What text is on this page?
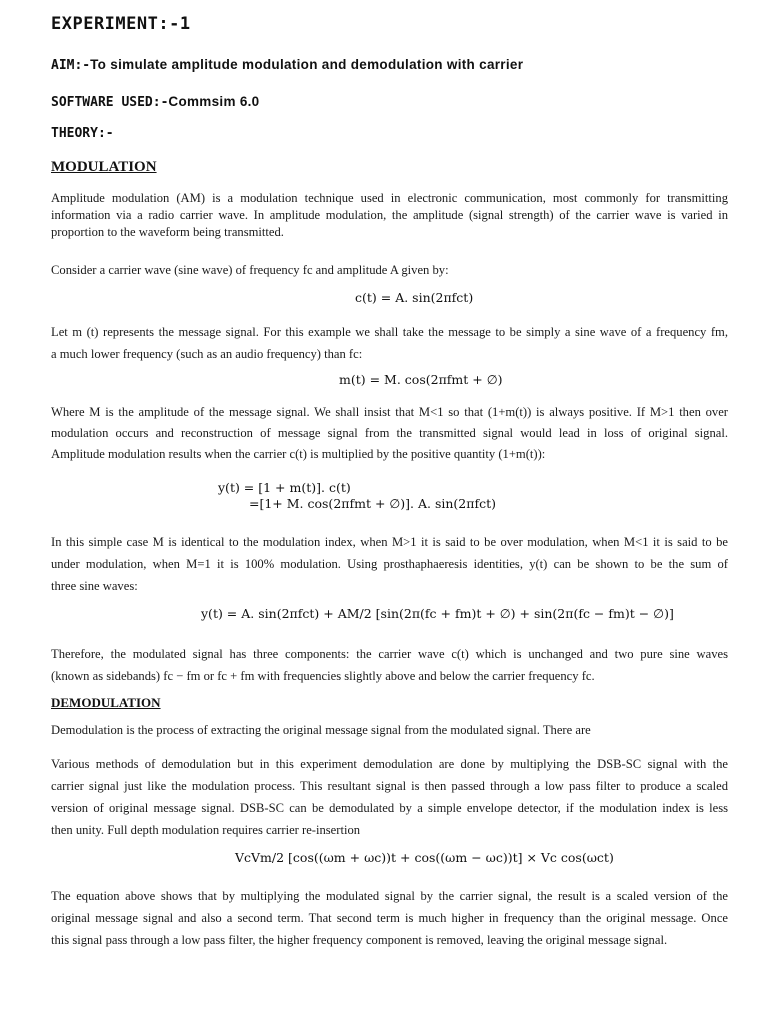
EXPERIMENT:-1
AIM:-To simulate amplitude modulation and demodulation with carrier
SOFTWARE USED:-Commsim 6.0
THEORY:-
MODULATION
Amplitude modulation (AM) is a modulation technique used in electronic communication, most commonly for transmitting
information via a radio carrier wave. In amplitude modulation, the amplitude (signal strength) of the carrier wave is varied in
proportion to the waveform being transmitted.
Consider a carrier wave (sine wave) of frequency fc and amplitude A given by:
c(t) = A. sin(2πfct)
Let m (t) represents the message signal. For this example we shall take the message to be simply a sine wave of a frequency fm,
a much lower frequency (such as an audio frequency) than fc:
m(t) = M. cos(2πfmt + ∅)
Where M is the amplitude of the message signal. We shall insist that M<1 so that (1+m(t)) is always positive. If M>1 then over
modulation occurs and reconstruction of message signal from the transmitted signal would lead in loss of original signal.
Amplitude modulation results when the carrier c(t) is multiplied by the positive quantity (1+m(t)):
y(t) = [1 + m(t)]. c(t)
=[1+ M. cos(2πfmt + ∅)]. A. sin(2πfct)
In this simple case M is identical to the modulation index, when M>1 it is said to be over modulation, when M<1 it is said to be
under modulation, when M=1 it is 100% modulation. Using prosthaphaeresis identities, y(t) can be shown to be the sum of
three sine waves:
y(t) = A. sin(2πfct) + AM/2 [sin(2π(fc + fm)t + ∅) + sin(2π(fc − fm)t − ∅)]
Therefore, the modulated signal has three components: the carrier wave c(t) which is unchanged and two pure sine waves
(known as sidebands) fc − fm or fc + fm with frequencies slightly above and below the carrier frequency fc.
DEMODULATION
Demodulation is the process of extracting the original message signal from the modulated signal. There are
Various methods of demodulation but in this experiment demodulation are done by multiplying the DSB-SC signal with the
carrier signal just like the modulation process. This resultant signal is then passed through a low pass filter to produce a scaled
version of original message signal. DSB-SC can be demodulated by a simple envelope detector, if the modulation index is less
then unity. Full depth modulation requires carrier re-insertion
VcVm/2 [cos((ωm + ωc))t + cos((ωm − ωc))t] × Vc cos(ωct)
The equation above shows that by multiplying the modulated signal by the carrier signal, the result is a scaled version of the
original message signal and also a second term. That second term is much higher in frequency than the original message. Once
this signal pass through a low pass filter, the higher frequency component is removed, leaving the original message signal.
